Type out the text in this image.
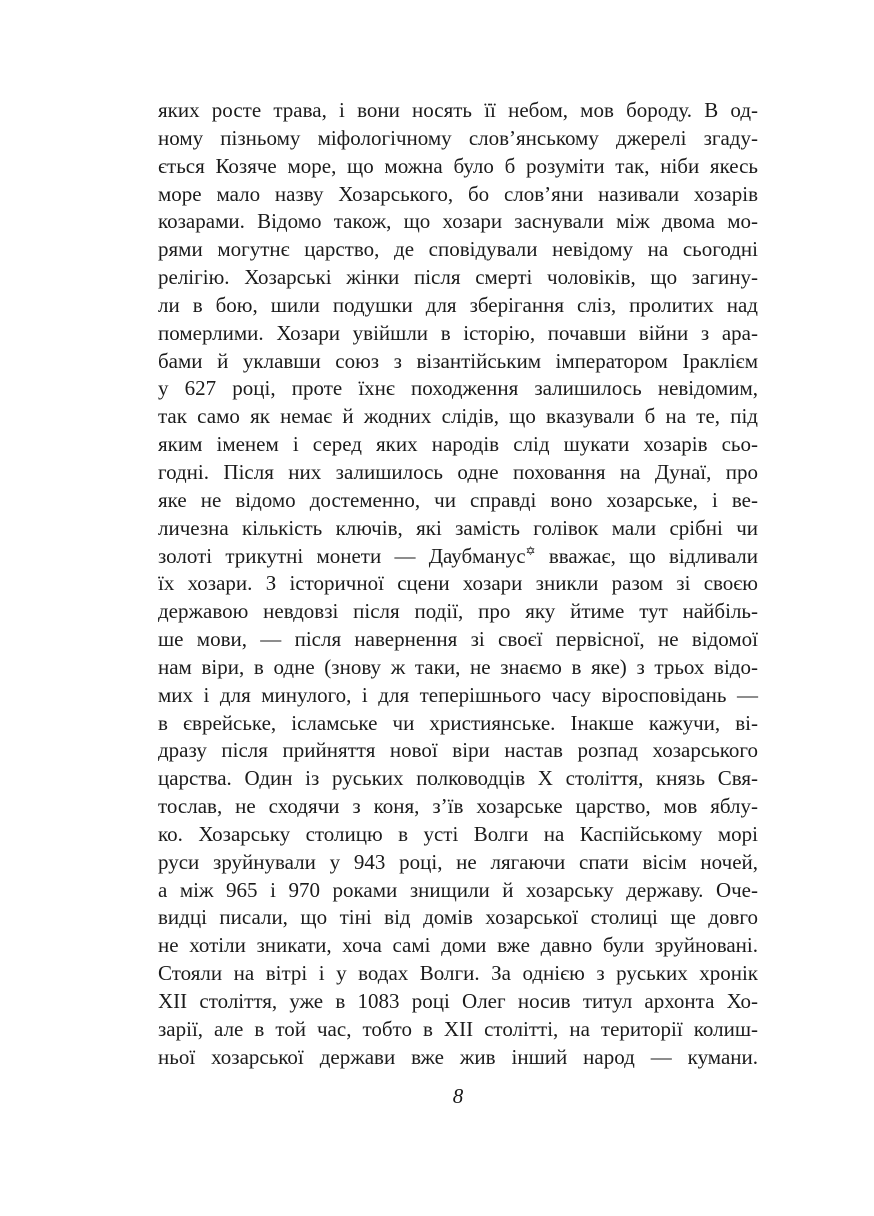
яких росте трава, і вони носять її небом, мов бороду. В од-
ному пізньому міфологічному слов’янському джерелі згаду-
ється Козяче море, що можна було б розуміти так, ніби якесь
море мало назву Хозарського, бо слов’яни називали хозарів
козарами. Відомо також, що хозари заснували між двома мо-
рями могутнє царство, де сповідували невідому на сьогодні
релігію. Хозарські жінки після смерті чоловіків, що загину-
ли в бою, шили подушки для зберігання сліз, пролитих над
померлими. Хозари увійшли в історію, почавши війни з ара-
бами й уклавши союз з візантійським імператором Іраклієм
у 627 році, проте їхнє походження залишилось невідомим,
так само як немає й жодних слідів, що вказували б на те, під
яким іменем і серед яких народів слід шукати хозарів сьо-
годні. Після них залишилось одне поховання на Дунаї, про
яке не відомо достеменно, чи справді воно хозарське, і ве-
личезна кількість ключів, які замість голівок мали срібні чи
золоті трикутні монети — Даубманус✡ вважає, що відливали
їх хозари. З історичної сцени хозари зникли разом зі своєю
державою невдовзі після події, про яку йтиме тут найбіль-
ше мови, — після навернення зі своєї первісної, не відомої
нам віри, в одне (знову ж таки, не знаємо в яке) з трьох відо-
мих і для минулого, і для теперішнього часу віросповідань —
в єврейське, ісламське чи християнське. Інакше кажучи, ві-
дразу після прийняття нової віри настав розпад хозарського
царства. Один із руських полководців X століття, князь Свя-
тослав, не сходячи з коня, з’їв хозарське царство, мов яблу-
ко. Хозарську столицю в усті Волги на Каспійському морі
руси зруйнували у 943 році, не лягаючи спати вісім ночей,
а між 965 і 970 роками знищили й хозарську державу. Оче-
видці писали, що тіні від домів хозарської столиці ще довго
не хотіли зникати, хоча самі доми вже давно були зруйновані.
Стояли на вітрі і у водах Волги. За однією з руських хронік
XII століття, уже в 1083 році Олег носив титул архонта Хо-
зарії, але в той час, тобто в XII столітті, на території колиш-
ньої хозарської держави вже жив інший народ — кумани.
8
